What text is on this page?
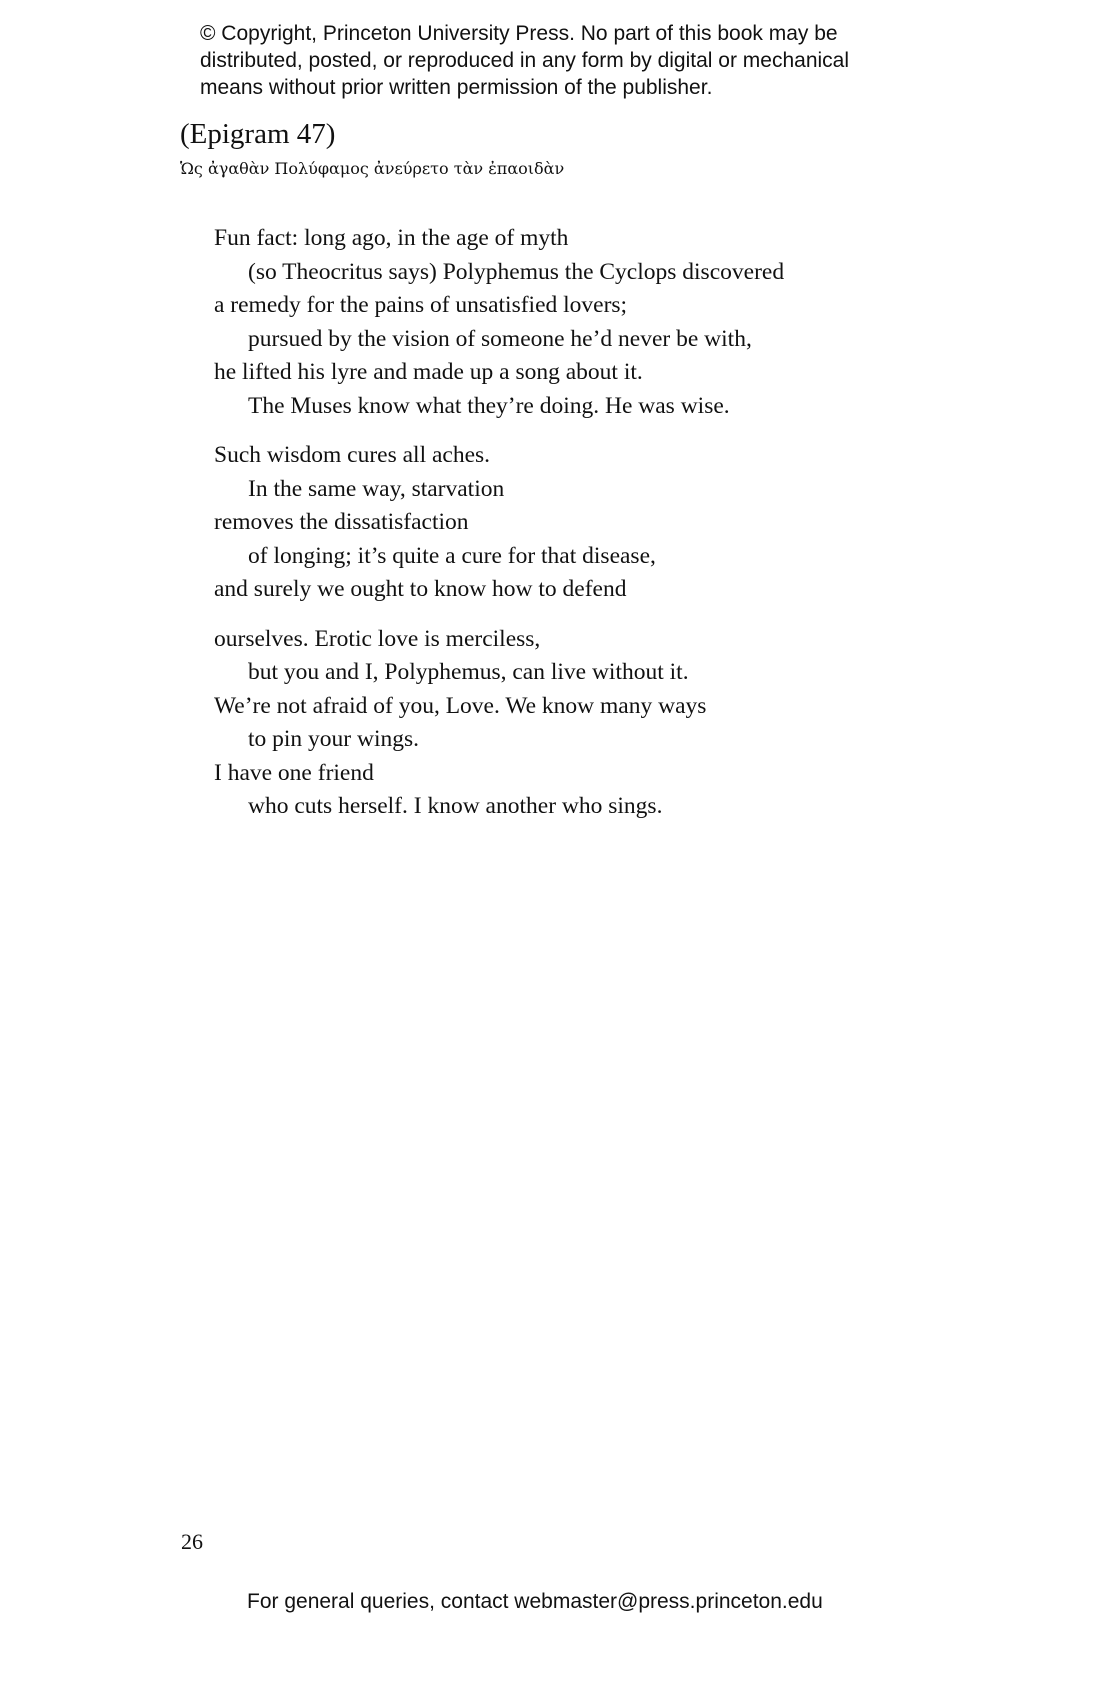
© Copyright, Princeton University Press. No part of this book may be
distributed, posted, or reproduced in any form by digital or mechanical
means without prior written permission of the publisher.
(Epigram 47)
Ὡς ἀγαθὰν Πολύφαμος ἀνεύρετο τὰν ἐπαοιδὰν
Fun fact: long ago, in the age of myth
(so Theocritus says) Polyphemus the Cyclops discovered
a remedy for the pains of unsatisfied lovers;
pursued by the vision of someone he’d never be with,
he lifted his lyre and made up a song about it.
The Muses know what they’re doing. He was wise.
Such wisdom cures all aches.
In the same way, starvation
removes the dissatisfaction
of longing; it’s quite a cure for that disease,
and surely we ought to know how to defend
ourselves. Erotic love is merciless,
but you and I, Polyphemus, can live without it.
We’re not afraid of you, Love. We know many ways
to pin your wings.
I have one friend
who cuts herself. I know another who sings.
26
For general queries, contact webmaster@press.princeton.edu
